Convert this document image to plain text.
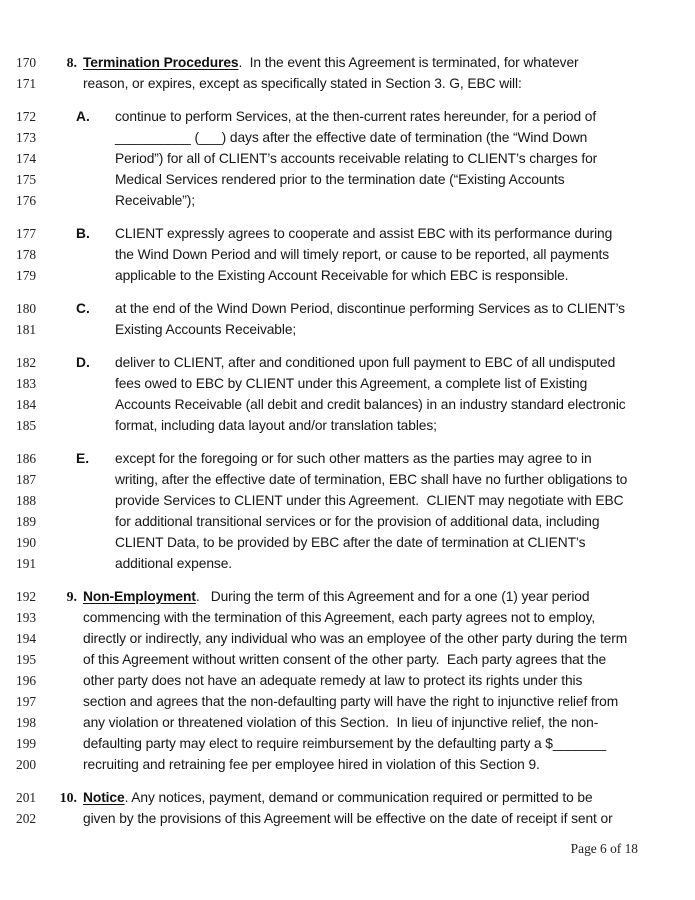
170	8. Termination Procedures.  In the event this Agreement is terminated, for whatever
171	reason, or expires, except as specifically stated in Section 3. G, EBC will:
172	A. continue to perform Services, at the then-current rates hereunder, for a period of
173	__________ (___) days after the effective date of termination (the “Wind Down
174	Period”) for all of CLIENT’s accounts receivable relating to CLIENT’s charges for
175	Medical Services rendered prior to the termination date (“Existing Accounts
176	Receivable”);
177	B. CLIENT expressly agrees to cooperate and assist EBC with its performance during
178	the Wind Down Period and will timely report, or cause to be reported, all payments
179	applicable to the Existing Account Receivable for which EBC is responsible.
180	C. at the end of the Wind Down Period, discontinue performing Services as to CLIENT’s
181	Existing Accounts Receivable;
182	D. deliver to CLIENT, after and conditioned upon full payment to EBC of all undisputed
183	fees owed to EBC by CLIENT under this Agreement, a complete list of Existing
184	Accounts Receivable (all debit and credit balances) in an industry standard electronic
185	format, including data layout and/or translation tables;
186	E. except for the foregoing or for such other matters as the parties may agree to in
187	writing, after the effective date of termination, EBC shall have no further obligations to
188	provide Services to CLIENT under this Agreement.  CLIENT may negotiate with EBC
189	for additional transitional services or for the provision of additional data, including
190	CLIENT Data, to be provided by EBC after the date of termination at CLIENT’s
191	additional expense.
192	9. Non-Employment.   During the term of this Agreement and for a one (1) year period
193	commencing with the termination of this Agreement, each party agrees not to employ,
194	directly or indirectly, any individual who was an employee of the other party during the term
195	of this Agreement without written consent of the other party.  Each party agrees that the
196	other party does not have an adequate remedy at law to protect its rights under this
197	section and agrees that the non-defaulting party will have the right to injunctive relief from
198	any violation or threatened violation of this Section.  In lieu of injunctive relief, the non-
199	defaulting party may elect to require reimbursement by the defaulting party a $_______
200	recruiting and retraining fee per employee hired in violation of this Section 9.
201	10. Notice. Any notices, payment, demand or communication required or permitted to be
202	given by the provisions of this Agreement will be effective on the date of receipt if sent or
Page 6 of 18
